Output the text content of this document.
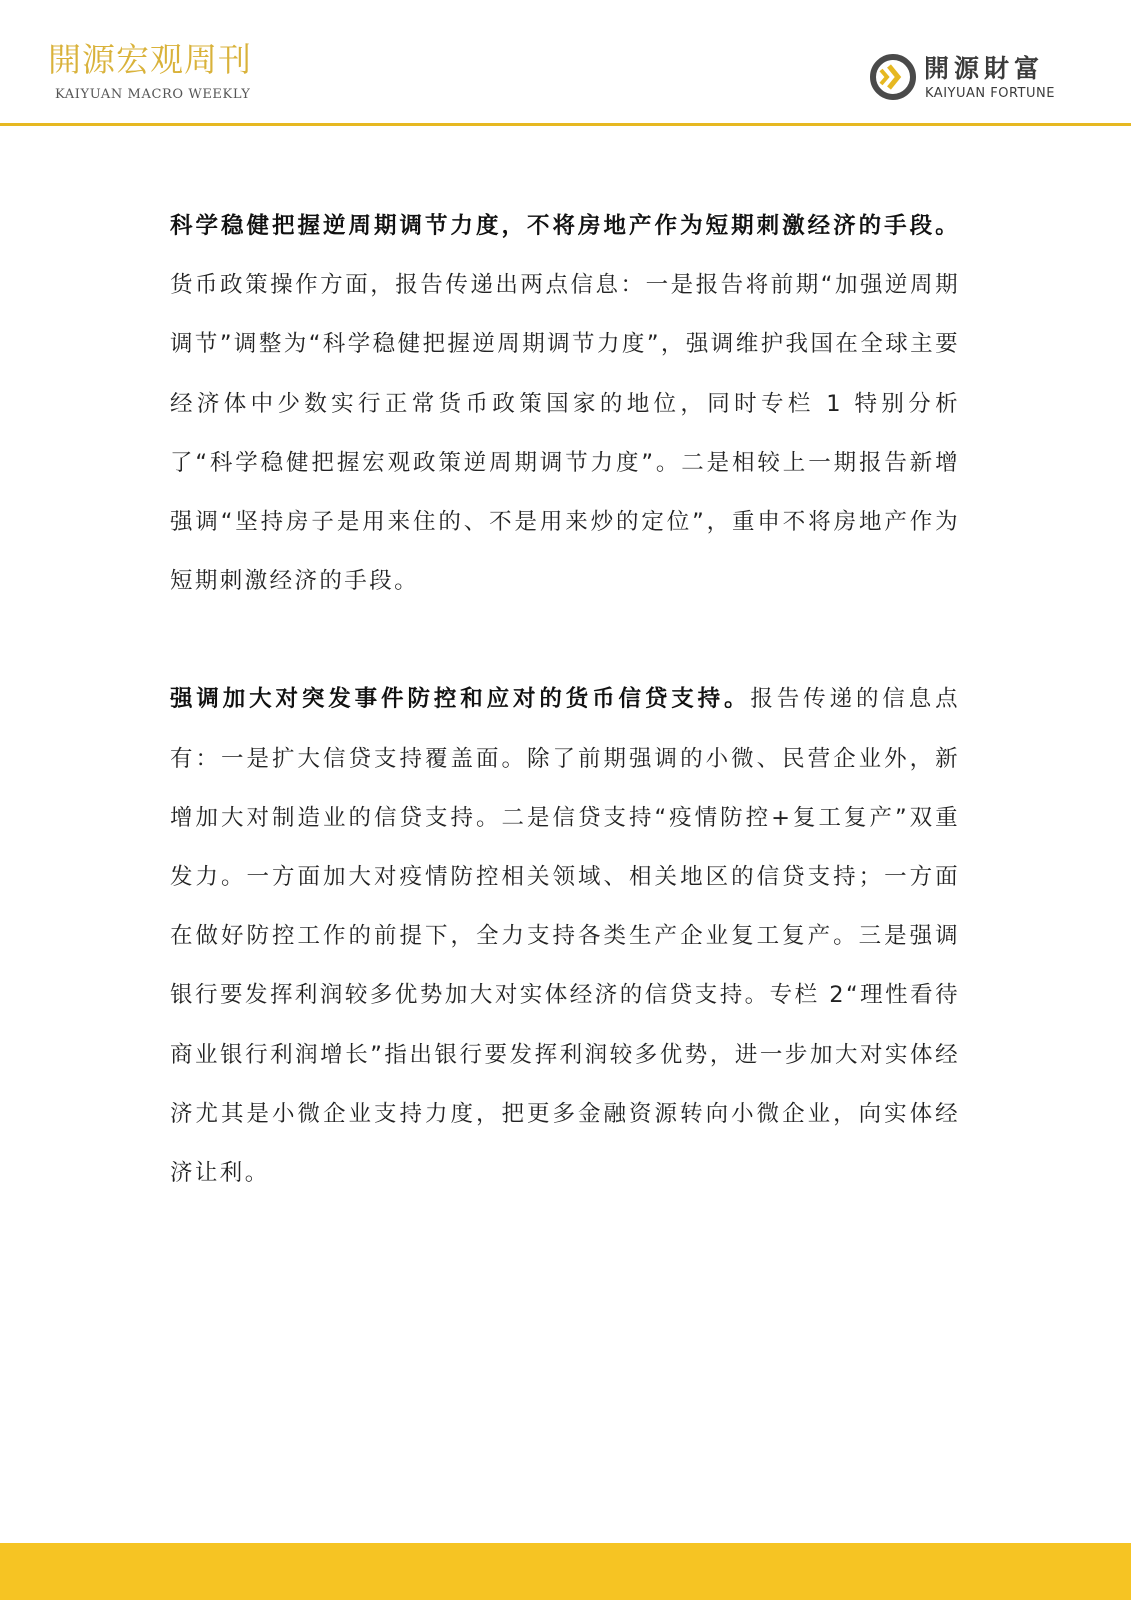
開源宏观周刊
KAIYUAN MACRO WEEKLY
開源財富
KAIYUAN FORTUNE

科学稳健把握逆周期调节力度，不将房地产作为短期刺激经济的手段。货币政策操作方面，报告传递出两点信息：一是报告将前期“加强逆周期调节”调整为“科学稳健把握逆周期调节力度”，强调维护我国在全球主要经济体中少数实行正常货币政策国家的地位，同时专栏 1 特别分析了“科学稳健把握宏观政策逆周期调节力度”。二是相较上一期报告新增强调“坚持房子是用来住的、不是用来炒的定位”，重申不将房地产作为短期刺激经济的手段。

强调加大对突发事件防控和应对的货币信贷支持。报告传递的信息点有：一是扩大信贷支持覆盖面。除了前期强调的小微、民营企业外，新增加大对制造业的信贷支持。二是信贷支持“疫情防控+复工复产”双重发力。一方面加大对疫情防控相关领域、相关地区的信贷支持；一方面在做好防控工作的前提下，全力支持各类生产企业复工复产。三是强调银行要发挥利润较多优势加大对实体经济的信贷支持。专栏 2“理性看待商业银行利润增长”指出银行要发挥利润较多优势，进一步加大对实体经济尤其是小微企业支持力度，把更多金融资源转向小微企业，向实体经济让利。
